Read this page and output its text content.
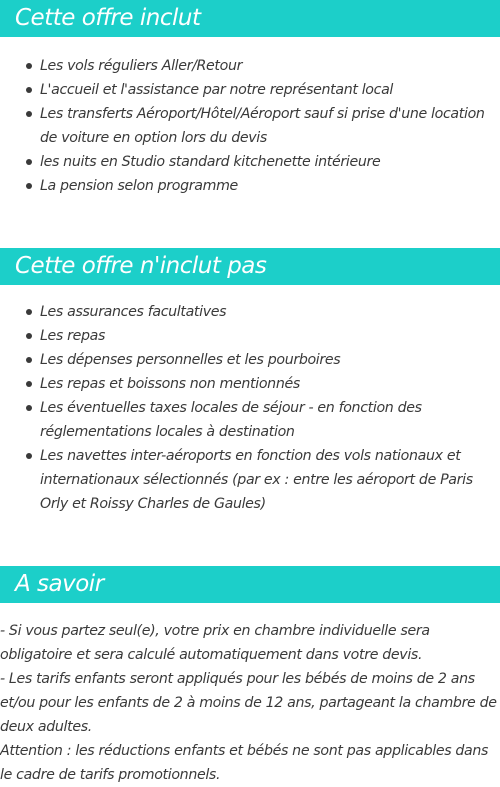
Cette offre inclut
Les vols réguliers Aller/Retour
L'accueil et l'assistance par notre représentant local
Les transferts Aéroport/Hôtel/Aéroport sauf si prise d'une location de voiture en option lors du devis
les nuits en Studio standard kitchenette intérieure
La pension selon programme
Cette offre n'inclut pas
Les assurances facultatives
Les repas
Les dépenses personnelles et les pourboires
Les repas et boissons non mentionnés
Les éventuelles taxes locales de séjour - en fonction des réglementations locales à destination
Les navettes inter-aéroports en fonction des vols nationaux et internationaux sélectionnés (par ex : entre les aéroport de Paris Orly et Roissy Charles de Gaules)
A savoir

- Si vous partez seul(e), votre prix en chambre individuelle sera obligatoire et sera calculé automatiquement dans votre devis.

- Les tarifs enfants seront appliqués pour les bébés de moins de 2 ans et/ou pour les enfants de 2 à moins de 12 ans, partageant la chambre de deux adultes.

Attention : les réductions enfants et bébés ne sont pas applicables dans le cadre de tarifs promotionnels.
